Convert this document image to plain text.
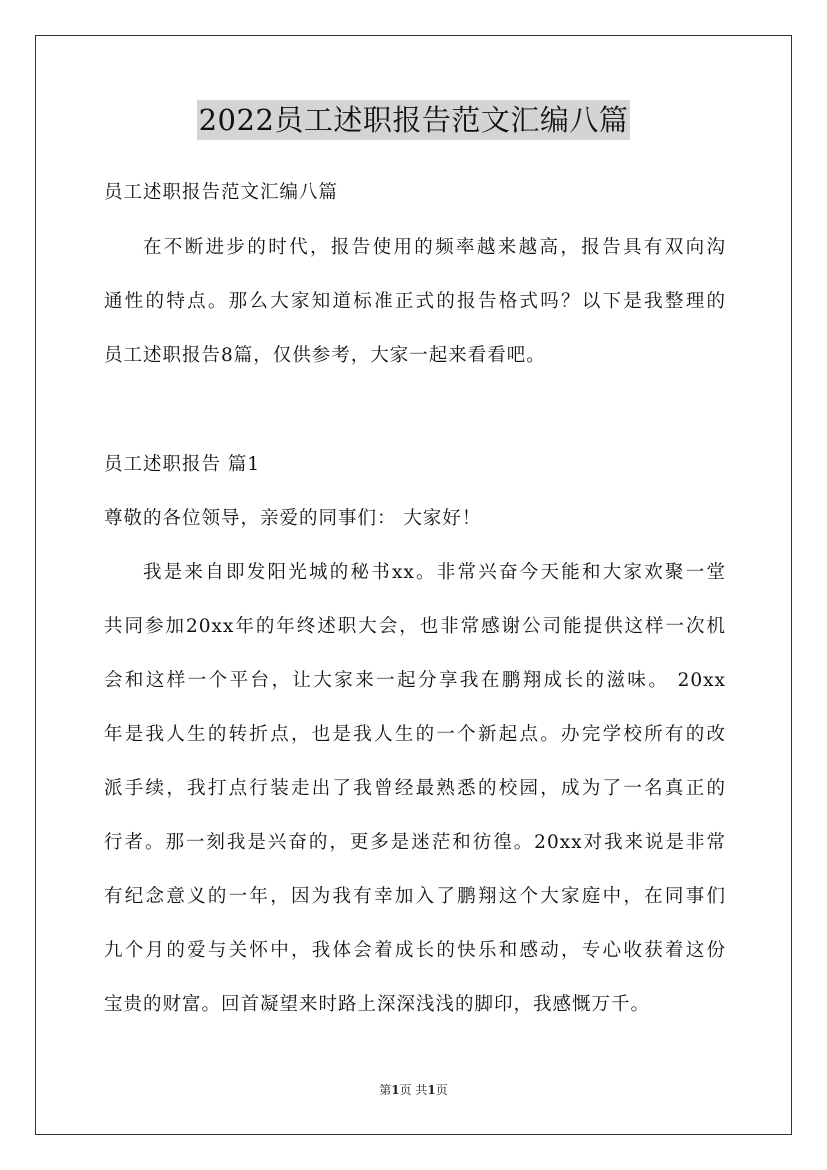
2022员工述职报告范文汇编八篇
员工述职报告范文汇编八篇
在不断进步的时代，报告使用的频率越来越高，报告具有双向沟
通性的特点。那么大家知道标准正式的报告格式吗？以下是我整理的
员工述职报告8篇，仅供参考，大家一起来看看吧。
员工述职报告 篇1
尊敬的各位领导，亲爱的同事们： 大家好！
我是来自即发阳光城的秘书xx。非常兴奋今天能和大家欢聚一堂
共同参加20xx年的年终述职大会，也非常感谢公司能提供这样一次机
会和这样一个平台，让大家来一起分享我在鹏翔成长的滋味。 20xx
年是我人生的转折点，也是我人生的一个新起点。办完学校所有的改
派手续，我打点行装走出了我曾经最熟悉的校园，成为了一名真正的
行者。那一刻我是兴奋的，更多是迷茫和彷徨。20xx对我来说是非常
有纪念意义的一年，因为我有幸加入了鹏翔这个大家庭中，在同事们
九个月的爱与关怀中，我体会着成长的快乐和感动，专心收获着这份
宝贵的财富。回首凝望来时路上深深浅浅的脚印，我感慨万千。
第1页 共1页
